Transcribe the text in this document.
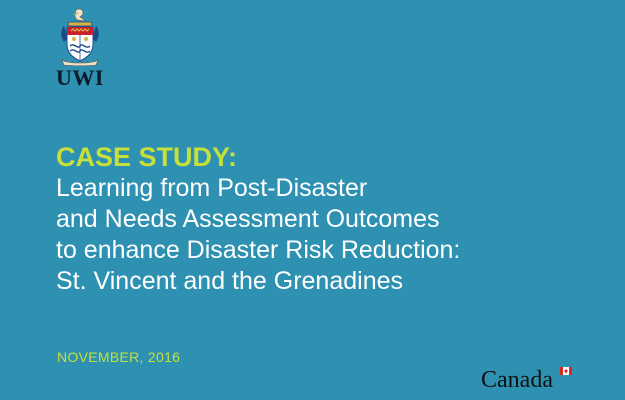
UWI
CASE STUDY:
Learning from Post-Disaster
and Needs Assessment Outcomes
to enhance Disaster Risk Reduction:
St. Vincent and the Grenadines
NOVEMBER, 2016
Canada
